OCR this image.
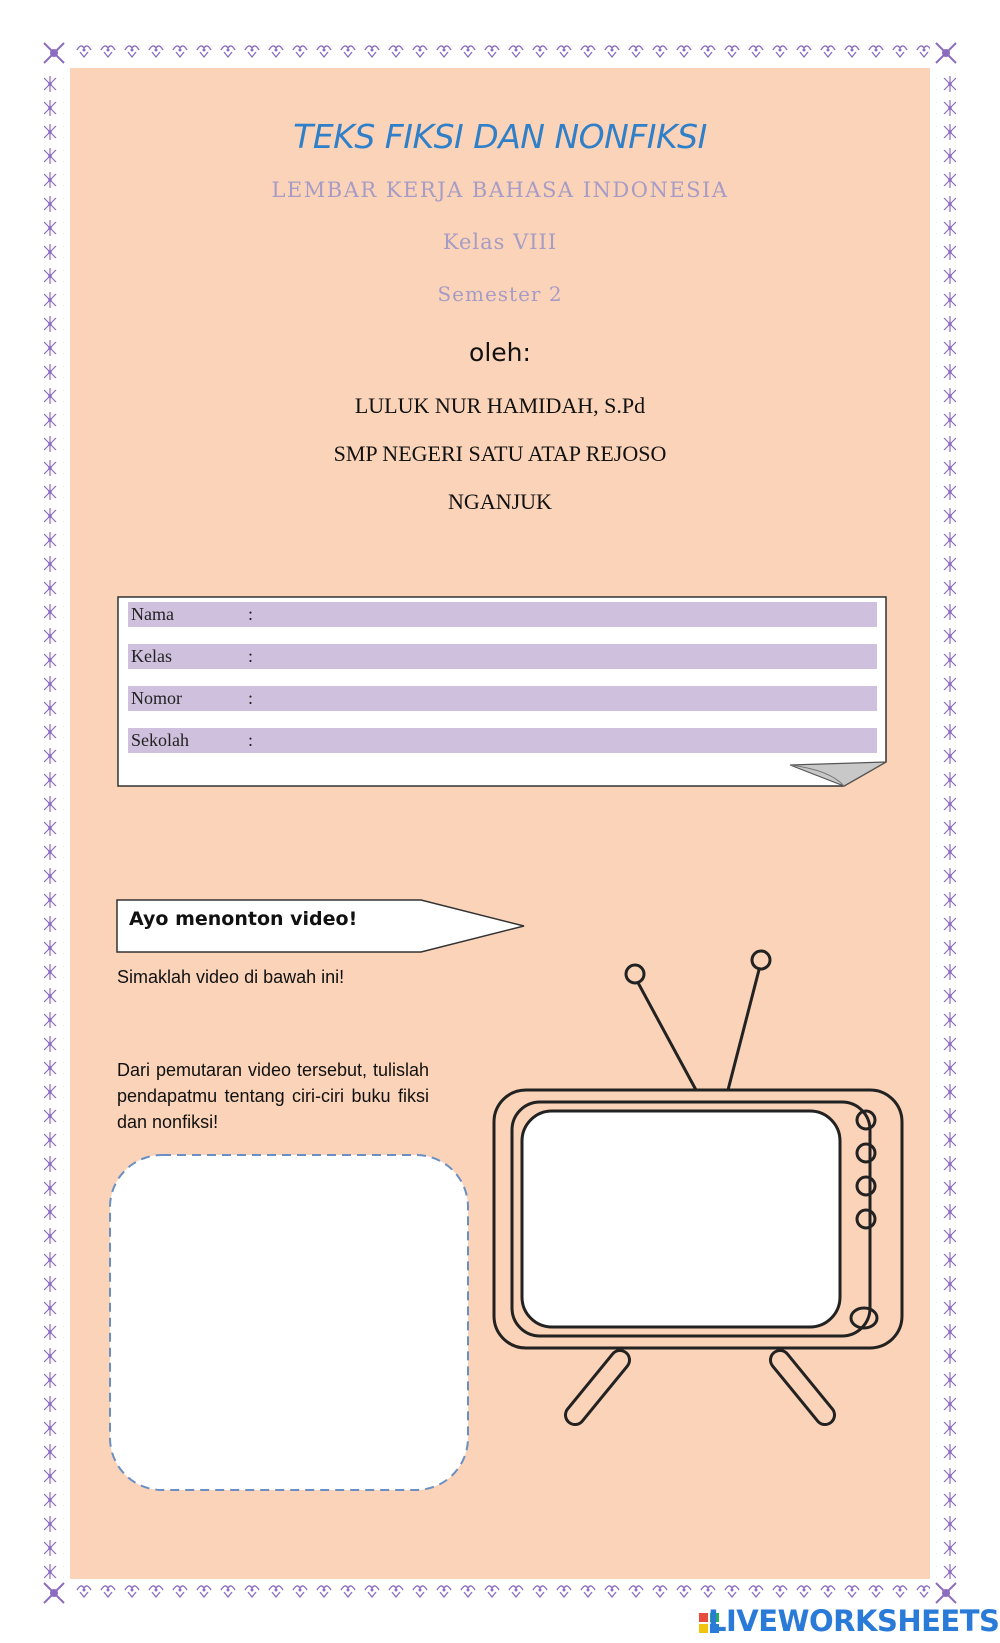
TEKS FIKSI DAN NONFIKSI
LEMBAR KERJA BAHASA INDONESIA
Kelas VIII
Semester 2
oleh:
LULUK NUR HAMIDAH, S.Pd
SMP NEGERI SATU ATAP REJOSO
NGANJUK
Nama	:
Kelas	:
Nomor	:
Sekolah	:
Ayo menonton video!
Simaklah video di bawah ini!
Dari pemutaran video tersebut, tulislah pendapatmu tentang ciri-ciri buku fiksi dan nonfiksi!
LIVEWORKSHEETS
